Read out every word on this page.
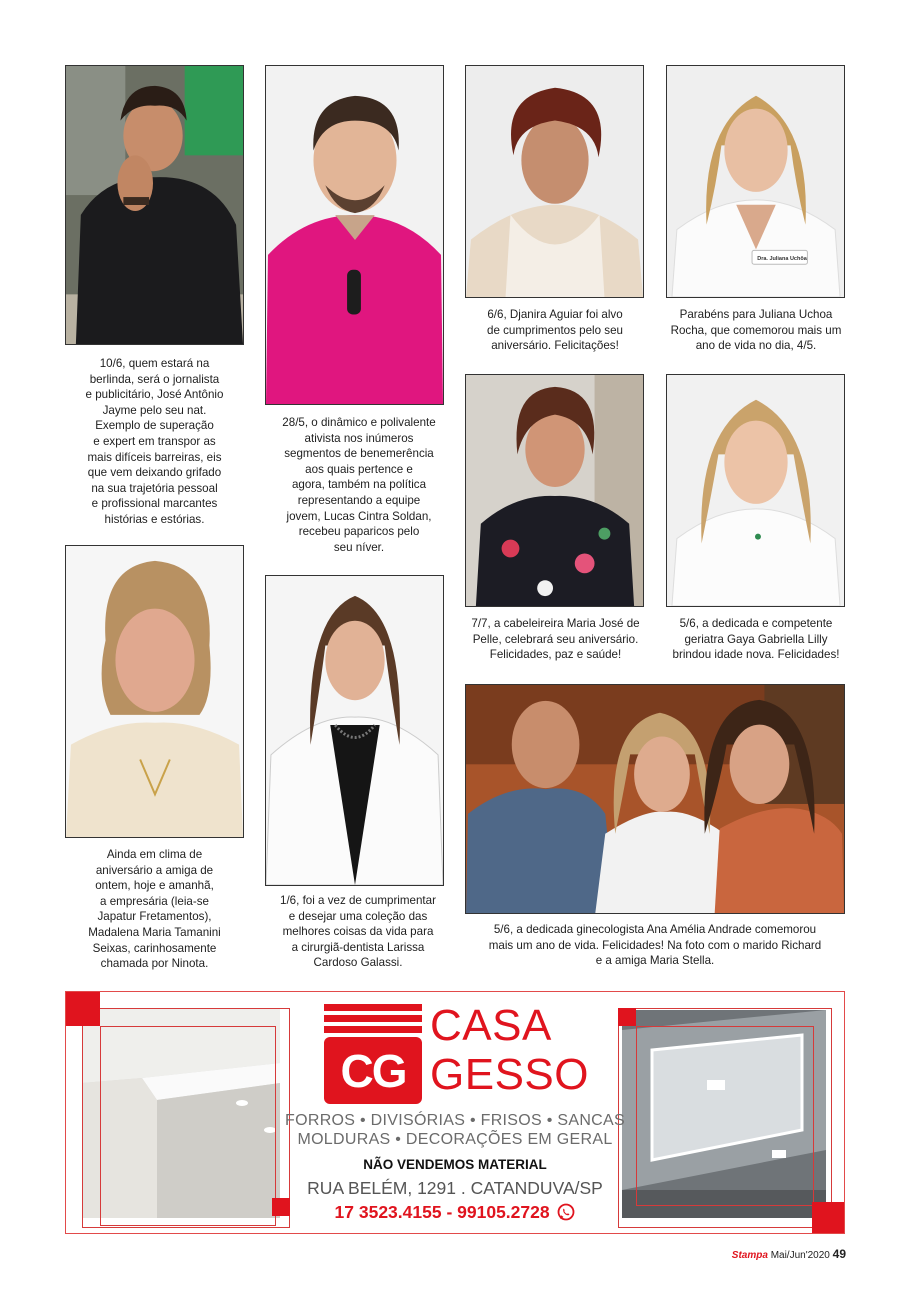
Dra. Juliana Uchôa
10/6, quem estará na
berlinda, será o jornalista
e publicitário, José Antônio
Jayme pelo seu nat.
Exemplo de superação
e expert em transpor as
mais difíceis barreiras, eis
que vem deixando grifado
na sua trajetória pessoal
e profissional marcantes
histórias e estórias.
28/5, o dinâmico e polivalente
ativista nos inúmeros
segmentos de benemerência
aos quais pertence e
agora, também na política
representando a equipe
jovem, Lucas Cintra Soldan,
recebeu paparicos pelo
seu níver.
6/6, Djanira Aguiar foi alvo
de cumprimentos pelo seu
aniversário. Felicitações!
Parabéns para Juliana Uchoa
Rocha, que comemorou mais um
ano de vida no dia, 4/5.
7/7, a cabeleireira Maria José de
Pelle, celebrará seu aniversário.
Felicidades, paz e saúde!
5/6, a dedicada e competente
geriatra Gaya Gabriella Lilly
brindou idade nova. Felicidades!
Ainda em clima de
aniversário a amiga de
ontem, hoje e amanhã,
a empresária (leia-se
Japatur Fretamentos),
Madalena Maria Tamanini
Seixas, carinhosamente
chamada por Ninota.
1/6, foi a vez de cumprimentar
e desejar uma coleção das
melhores coisas da vida para
a cirurgiã-dentista Larissa
Cardoso Galassi.
5/6, a dedicada ginecologista Ana Amélia Andrade comemorou
mais um ano de vida. Felicidades! Na foto com o marido Richard
e a amiga Maria Stella.
CG
CASA
GESSO
FORROS • DIVISÓRIAS • FRISOS • SANCAS
MOLDURAS • DECORAÇÕES EM GERAL
NÃO VENDEMOS MATERIAL
RUA BELÉM, 1291 . CATANDUVA/SP
17 3523.4155 - 99105.2728
Stampa Mai/Jun'2020 49
